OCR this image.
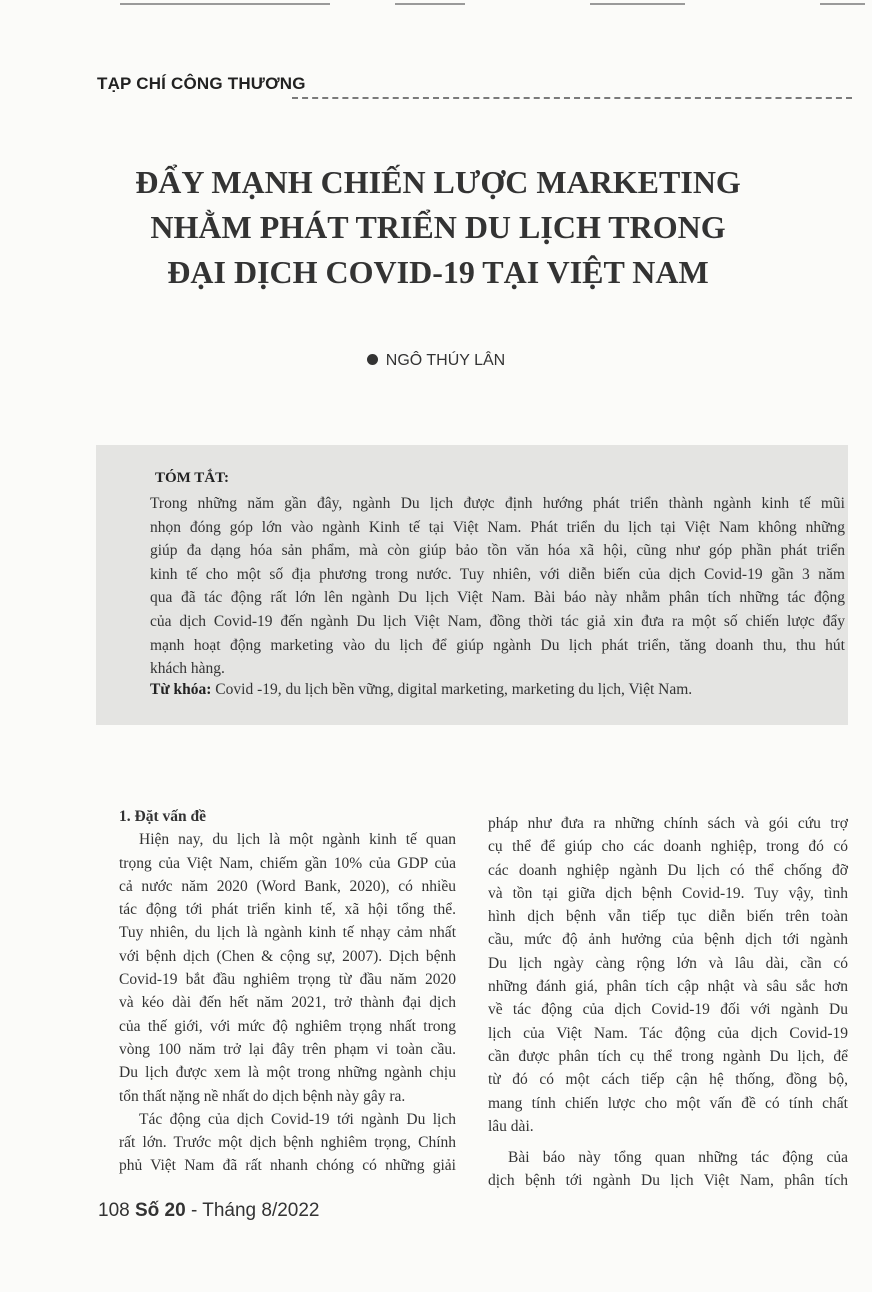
TẠP CHÍ CÔNG THƯƠNG
ĐẨY MẠNH CHIẾN LƯỢC MARKETING
NHẰM PHÁT TRIỂN DU LỊCH TRONG
ĐẠI DỊCH COVID-19 TẠI VIỆT NAM
NGÔ THÚY LÂN
TÓM TẮT:
Trong những năm gần đây, ngành Du lịch được định hướng phát triển thành ngành kinh tế mũi
nhọn đóng góp lớn vào ngành Kinh tế tại Việt Nam. Phát triển du lịch tại Việt Nam không những
giúp đa dạng hóa sản phẩm, mà còn giúp bảo tồn văn hóa xã hội, cũng như góp phần phát triển
kinh tế cho một số địa phương trong nước. Tuy nhiên, với diễn biến của dịch Covid-19 gần 3 năm
qua đã tác động rất lớn lên ngành Du lịch Việt Nam. Bài báo này nhằm phân tích những tác động
của dịch Covid-19 đến ngành Du lịch Việt Nam, đồng thời tác giả xin đưa ra một số chiến lược đẩy
mạnh hoạt động marketing vào du lịch để giúp ngành Du lịch phát triển, tăng doanh thu, thu hút
khách hàng.
Từ khóa: Covid -19, du lịch bền vững, digital marketing, marketing du lịch, Việt Nam.
1. Đặt vấn đề
Hiện nay, du lịch là một ngành kinh tế quan
trọng của Việt Nam, chiếm gần 10% của GDP của
cả nước năm 2020 (Word Bank, 2020), có nhiều
tác động tới phát triển kinh tế, xã hội tổng thể.
Tuy nhiên, du lịch là ngành kinh tế nhạy cảm nhất
với bệnh dịch (Chen & cộng sự, 2007). Dịch bệnh
Covid-19 bắt đầu nghiêm trọng từ đầu năm 2020
và kéo dài đến hết năm 2021, trở thành đại dịch
của thế giới, với mức độ nghiêm trọng nhất trong
vòng 100 năm trở lại đây trên phạm vi toàn cầu.
Du lịch được xem là một trong những ngành chịu
tổn thất nặng nề nhất do dịch bệnh này gây ra.
Tác động của dịch Covid-19 tới ngành Du lịch
rất lớn. Trước một dịch bệnh nghiêm trọng, Chính
phủ Việt Nam đã rất nhanh chóng có những giải
pháp như đưa ra những chính sách và gói cứu trợ
cụ thể để giúp cho các doanh nghiệp, trong đó có
các doanh nghiệp ngành Du lịch có thể chống đỡ
và tồn tại giữa dịch bệnh Covid-19. Tuy vậy, tình
hình dịch bệnh vẫn tiếp tục diễn biến trên toàn
cầu, mức độ ảnh hưởng của bệnh dịch tới ngành
Du lịch ngày càng rộng lớn và lâu dài, cần có
những đánh giá, phân tích cập nhật và sâu sắc hơn
về tác động của dịch Covid-19 đối với ngành Du
lịch của Việt Nam. Tác động của dịch Covid-19
cần được phân tích cụ thể trong ngành Du lịch, để
từ đó có một cách tiếp cận hệ thống, đồng bộ,
mang tính chiến lược cho một vấn đề có tính chất
lâu dài.
Bài báo này tổng quan những tác động của
dịch bệnh tới ngành Du lịch Việt Nam, phân tích
108 Số 20 - Tháng 8/2022
